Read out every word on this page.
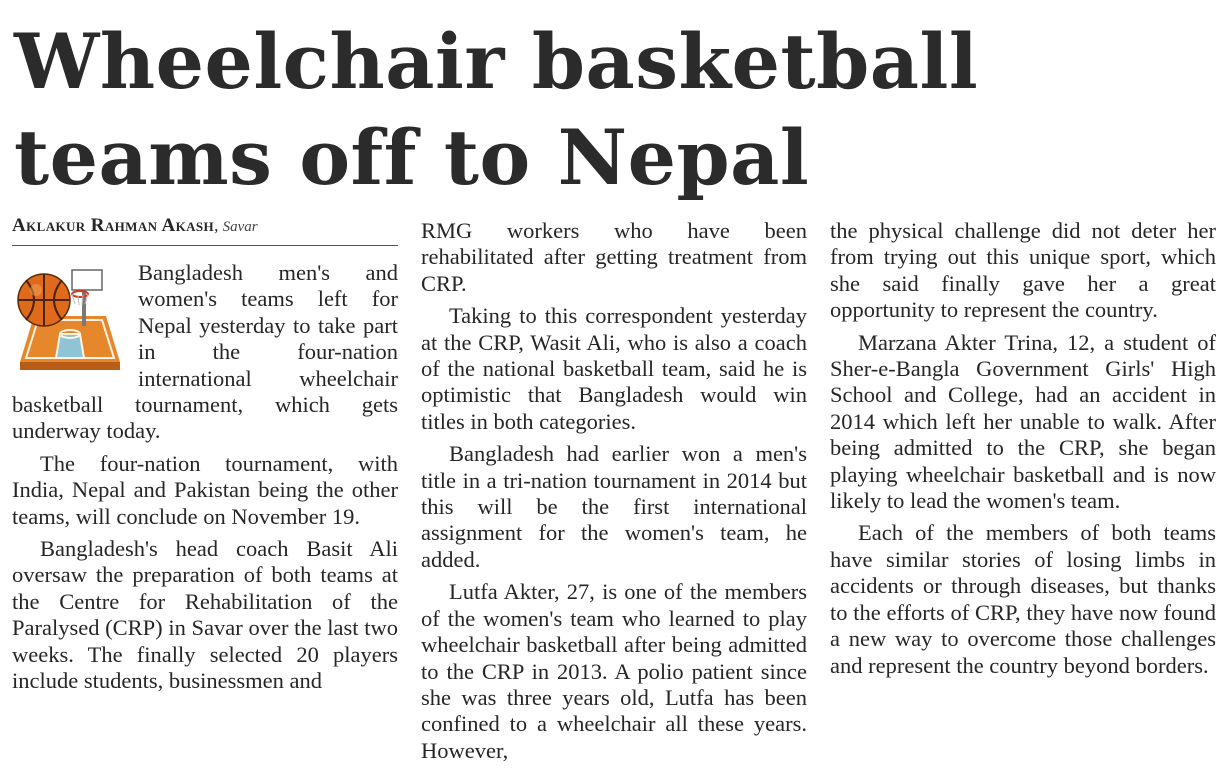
Wheelchair basketball
teams off to Nepal

Aklakur Rahman Akash, Savar

Bangladesh men's and women's teams left for Nepal yesterday to take part in the four-nation international wheelchair basketball tournament, which gets underway today.

The four-nation tournament, with India, Nepal and Pakistan being the other teams, will conclude on November 19.

Bangladesh's head coach Basit Ali oversaw the preparation of both teams at the Centre for Rehabilitation of the Paralysed (CRP) in Savar over the last two weeks. The finally selected 20 players include students, businessmen and

RMG workers who have been rehabilitated after getting treatment from CRP.

Taking to this correspondent yesterday at the CRP, Wasit Ali, who is also a coach of the national basketball team, said he is optimistic that Bangladesh would win titles in both categories.

Bangladesh had earlier won a men's title in a tri-nation tournament in 2014 but this will be the first international assignment for the women's team, he added.

Lutfa Akter, 27, is one of the members of the women's team who learned to play wheelchair basketball after being admitted to the CRP in 2013. A polio patient since she was three years old, Lutfa has been confined to a wheelchair all these years. However,

the physical challenge did not deter her from trying out this unique sport, which she said finally gave her a great opportunity to represent the country.

Marzana Akter Trina, 12, a student of Sher-e-Bangla Government Girls' High School and College, had an accident in 2014 which left her unable to walk. After being admitted to the CRP, she began playing wheelchair basketball and is now likely to lead the women's team.

Each of the members of both teams have similar stories of losing limbs in accidents or through diseases, but thanks to the efforts of CRP, they have now found a new way to overcome those challenges and represent the country beyond borders.
